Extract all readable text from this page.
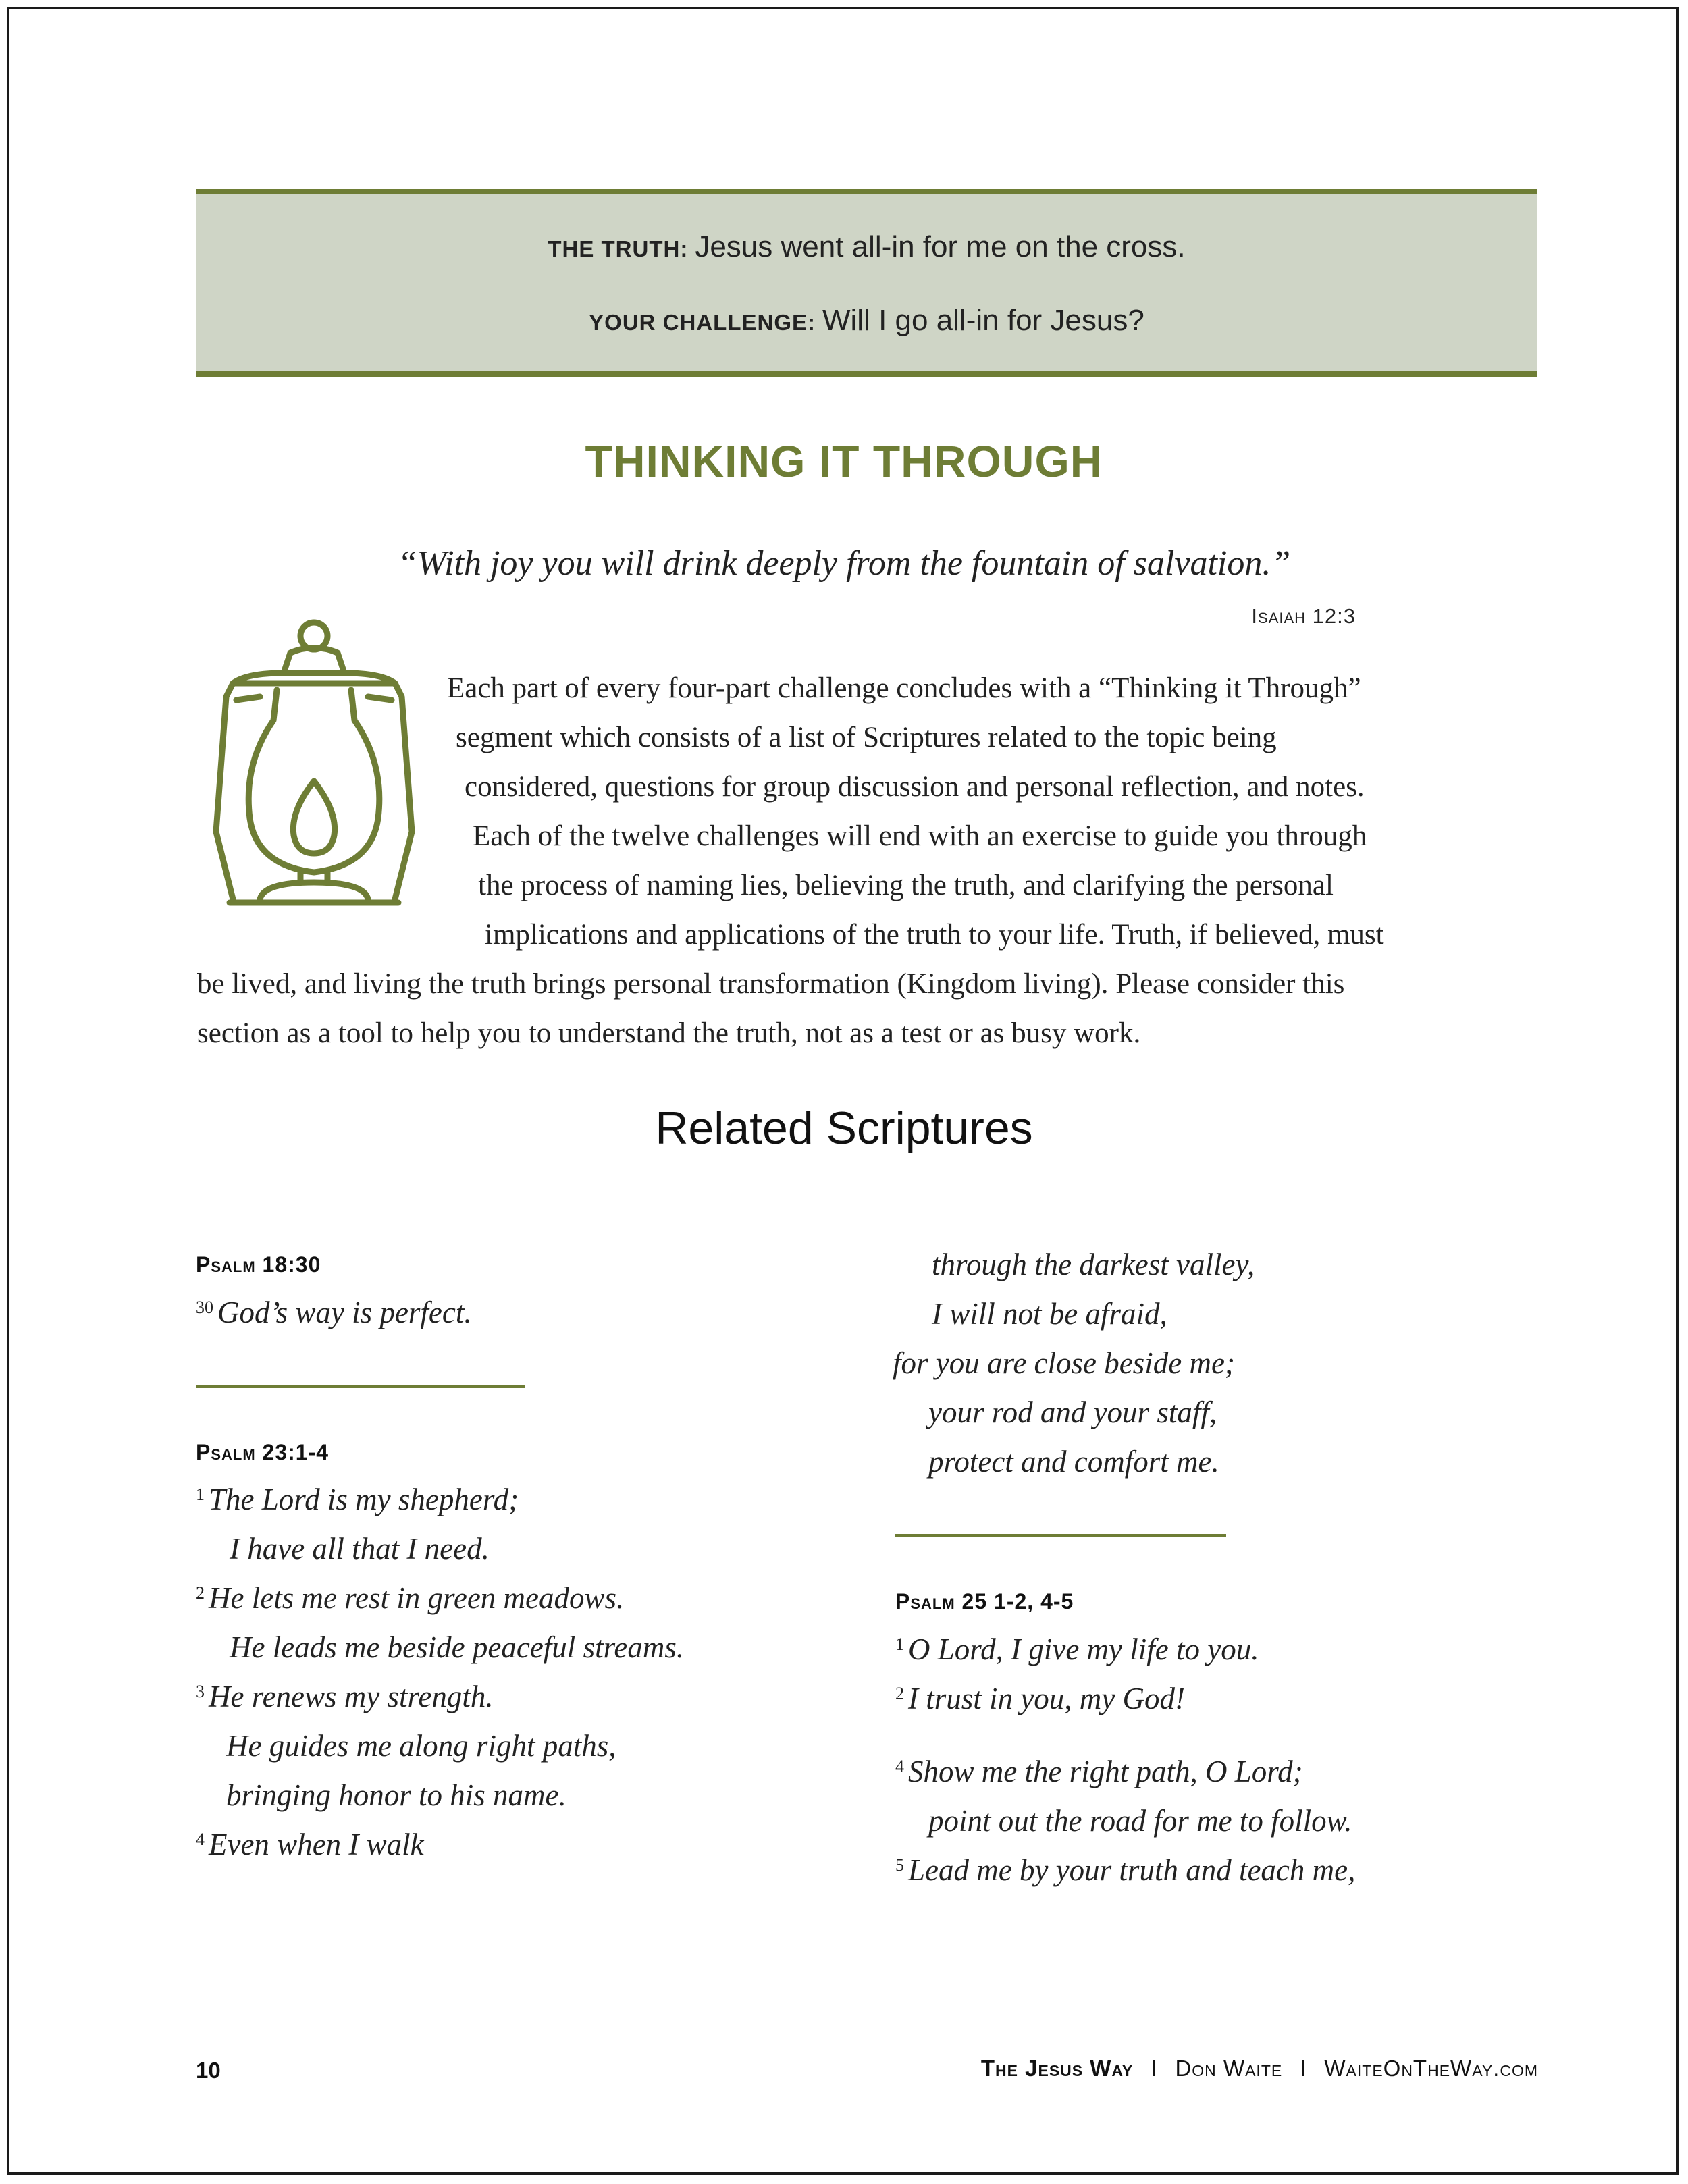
THE TRUTH: Jesus went all-in for me on the cross.
YOUR CHALLENGE: Will I go all-in for Jesus?
THINKING IT THROUGH
“With joy you will drink deeply from the fountain of salvation.”
Isaiah 12:3
Each part of every four-part challenge concludes with a “Thinking it Through”
segment which consists of a list of Scriptures related to the topic being
considered, questions for group discussion and personal reflection, and notes.
Each of the twelve challenges will end with an exercise to guide you through
the process of naming lies, believing the truth, and clarifying the personal
implications and applications of the truth to your life. Truth, if believed, must
be lived, and living the truth brings personal transformation (Kingdom living). Please consider this
section as a tool to help you to understand the truth, not as a test or as busy work.
Related Scriptures
Psalm 18:30
$^{30}$ God’s way is perfect.
Psalm 23:1-4
$^1$ The Lord is my shepherd;
I have all that I need.
$^2$ He lets me rest in green meadows.
He leads me beside peaceful streams.
$^3$ He renews my strength.
He guides me along right paths,
bringing honor to his name.
$^4$ Even when I walk
through the darkest valley,
I will not be afraid,
for you are close beside me;
your rod and your staff,
protect and comfort me.
Psalm 25 1-2, 4-5
$^1$ O Lord, I give my life to you.
$^2$ I trust in you, my God!
$^4$ Show me the right path, O Lord;
point out the road for me to follow.
$^5$ Lead me by your truth and teach me,
10	The Jesus Way I Don Waite I WaiteOnTheWay.com
